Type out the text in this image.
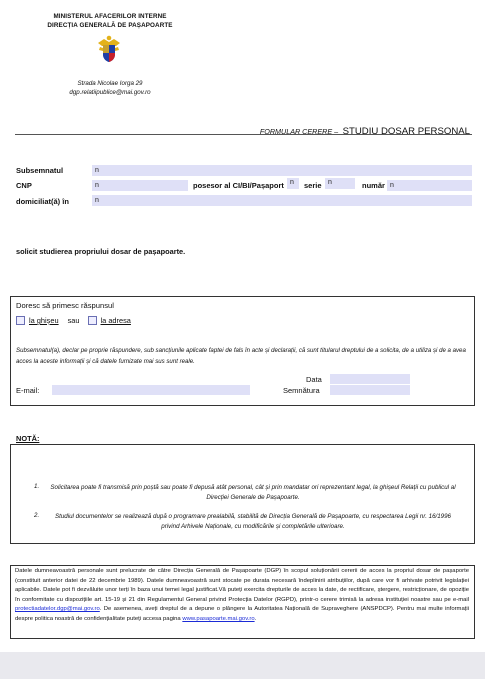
MINISTERUL AFACERILOR INTERNE
DIRECȚIA GENERALĂ DE PAȘAPOARTE
Strada Nicolae Iorga 29
dgp.relatiipublice@mai.gov.ro
FORMULAR CERERE – STUDIU DOSAR PERSONAL
Subsemnatul	n
CNP	n	posesor al CI/BI/Pașaport n serie n	număr n
domiciliat(ă) în	n
solicit studierea propriului dosar de pașapoarte.
Doresc să primesc răspunsul
la ghișeu sau	la adresa
Subsemnatul(a), declar pe proprie răspundere, sub sancțiunile aplicate faptei de fals în acte și declarații, că sunt titularul dreptului de a solicita, de a utiliza și de a avea acces la aceste informații și că datele furnizate mai sus sunt reale.
Data
E-mail:	Semnătura
NOTĂ:
1.	Solicitarea poate fi transmisă prin poștă sau poate fi depusă atât personal, cât și prin mandatar ori reprezentant legal, la ghișeul Relații cu publicul al Direcției Generale de Pașapoarte.
2.	Studiul documentelor se realizează după o programare prealabilă, stabilită de Direcția Generală de Pașapoarte, cu respectarea Legii nr. 16/1996 privind Arhivele Naționale, cu modificările și completările ulterioare.
Datele dumneavoastră personale sunt prelucrate de către Direcția Generală de Pașapoarte (DGP) în scopul soluționării cererii de acces la propriul dosar de pașaporte (constituit anterior datei de 22 decembrie 1989). Datele dumneavoastră sunt stocate pe durata necesară îndeplinirii atribuțiilor, după care vor fi arhivate potrivit legislației aplicabile. Datele pot fi dezvăluite unor terți în baza unui temei legal justificat.Vă puteți exercita drepturile de acces la date, de rectificare, ștergere, restricționare, de opoziție în conformitate cu dispozițiile art. 15-19 și 21 din Regulamentul General privind Protecția Datelor (RGPD), printr-o cerere trimisă la adresa instituției noastre sau pe e-mail protectiadatelor.dgp@mai.gov.ro. De asemenea, aveți dreptul de a depune o plângere la Autoritatea Națională de Supraveghere (ANSPDCP). Pentru mai multe informații despre politica noastră de confidențialitate puteți accesa pagina www.pasapoarte.mai.gov.ro.
